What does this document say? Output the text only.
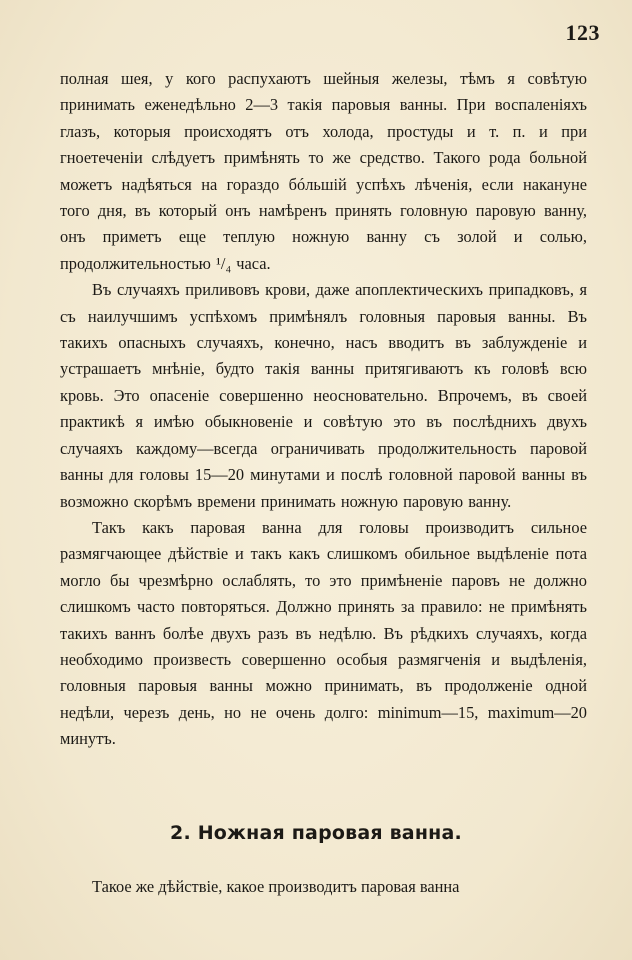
123

полная шея, у кого распухаютъ шейныя железы, тѣмъ я совѣтую принимать еженедѣльно 2—3 такія паровыя ванны. При воспаленіяхъ глазъ, которыя происходятъ отъ холода, простуды и т. п. и при гноетеченіи слѣдуетъ примѣнять то же средство. Такого рода больной можетъ надѣяться на гораздо бóльшій успѣхъ лѣченія, если накануне того дня, въ который онъ намѣренъ принять головную паровую ванну, онъ приметъ еще теплую ножную ванну съ золой и солью, продолжительностью ¹/₄ часа.

Въ случаяхъ приливовъ крови, даже апоплектическихъ припадковъ, я съ наилучшимъ успѣхомъ примѣнялъ головныя паровыя ванны. Въ такихъ опасныхъ случаяхъ, конечно, насъ вводитъ въ заблужденіе и устрашаетъ мнѣніе, будто такія ванны притягиваютъ къ головѣ всю кровь. Это опасеніе совершенно неосновательно. Впрочемъ, въ своей практикѣ я имѣю обыкновеніе и совѣтую это въ послѣднихъ двухъ случаяхъ каждому—всегда ограничивать продолжительность паровой ванны для головы 15—20 минутами и послѣ головной паровой ванны въ возможно скорѣмъ времени принимать ножную паровую ванну.

Такъ какъ паровая ванна для головы производитъ сильное размягчающее дѣйствіе и такъ какъ слишкомъ обильное выдѣленіе пота могло бы чрезмѣрно ослаблять, то это примѣненіе паровъ не должно слишкомъ часто повторяться. Должно принять за правило: не примѣнять такихъ ваннъ болѣе двухъ разъ въ недѣлю. Въ рѣдкихъ случаяхъ, когда необходимо произвесть совершенно особыя размягченія и выдѣленія, головныя паровыя ванны можно принимать, въ продолженіе одной недѣли, черезъ день, но не очень долго: minimum—15, maximum—20 минутъ.

2. Ножная паровая ванна.
Такое же дѣйствіе, какое производитъ паровая ванна
